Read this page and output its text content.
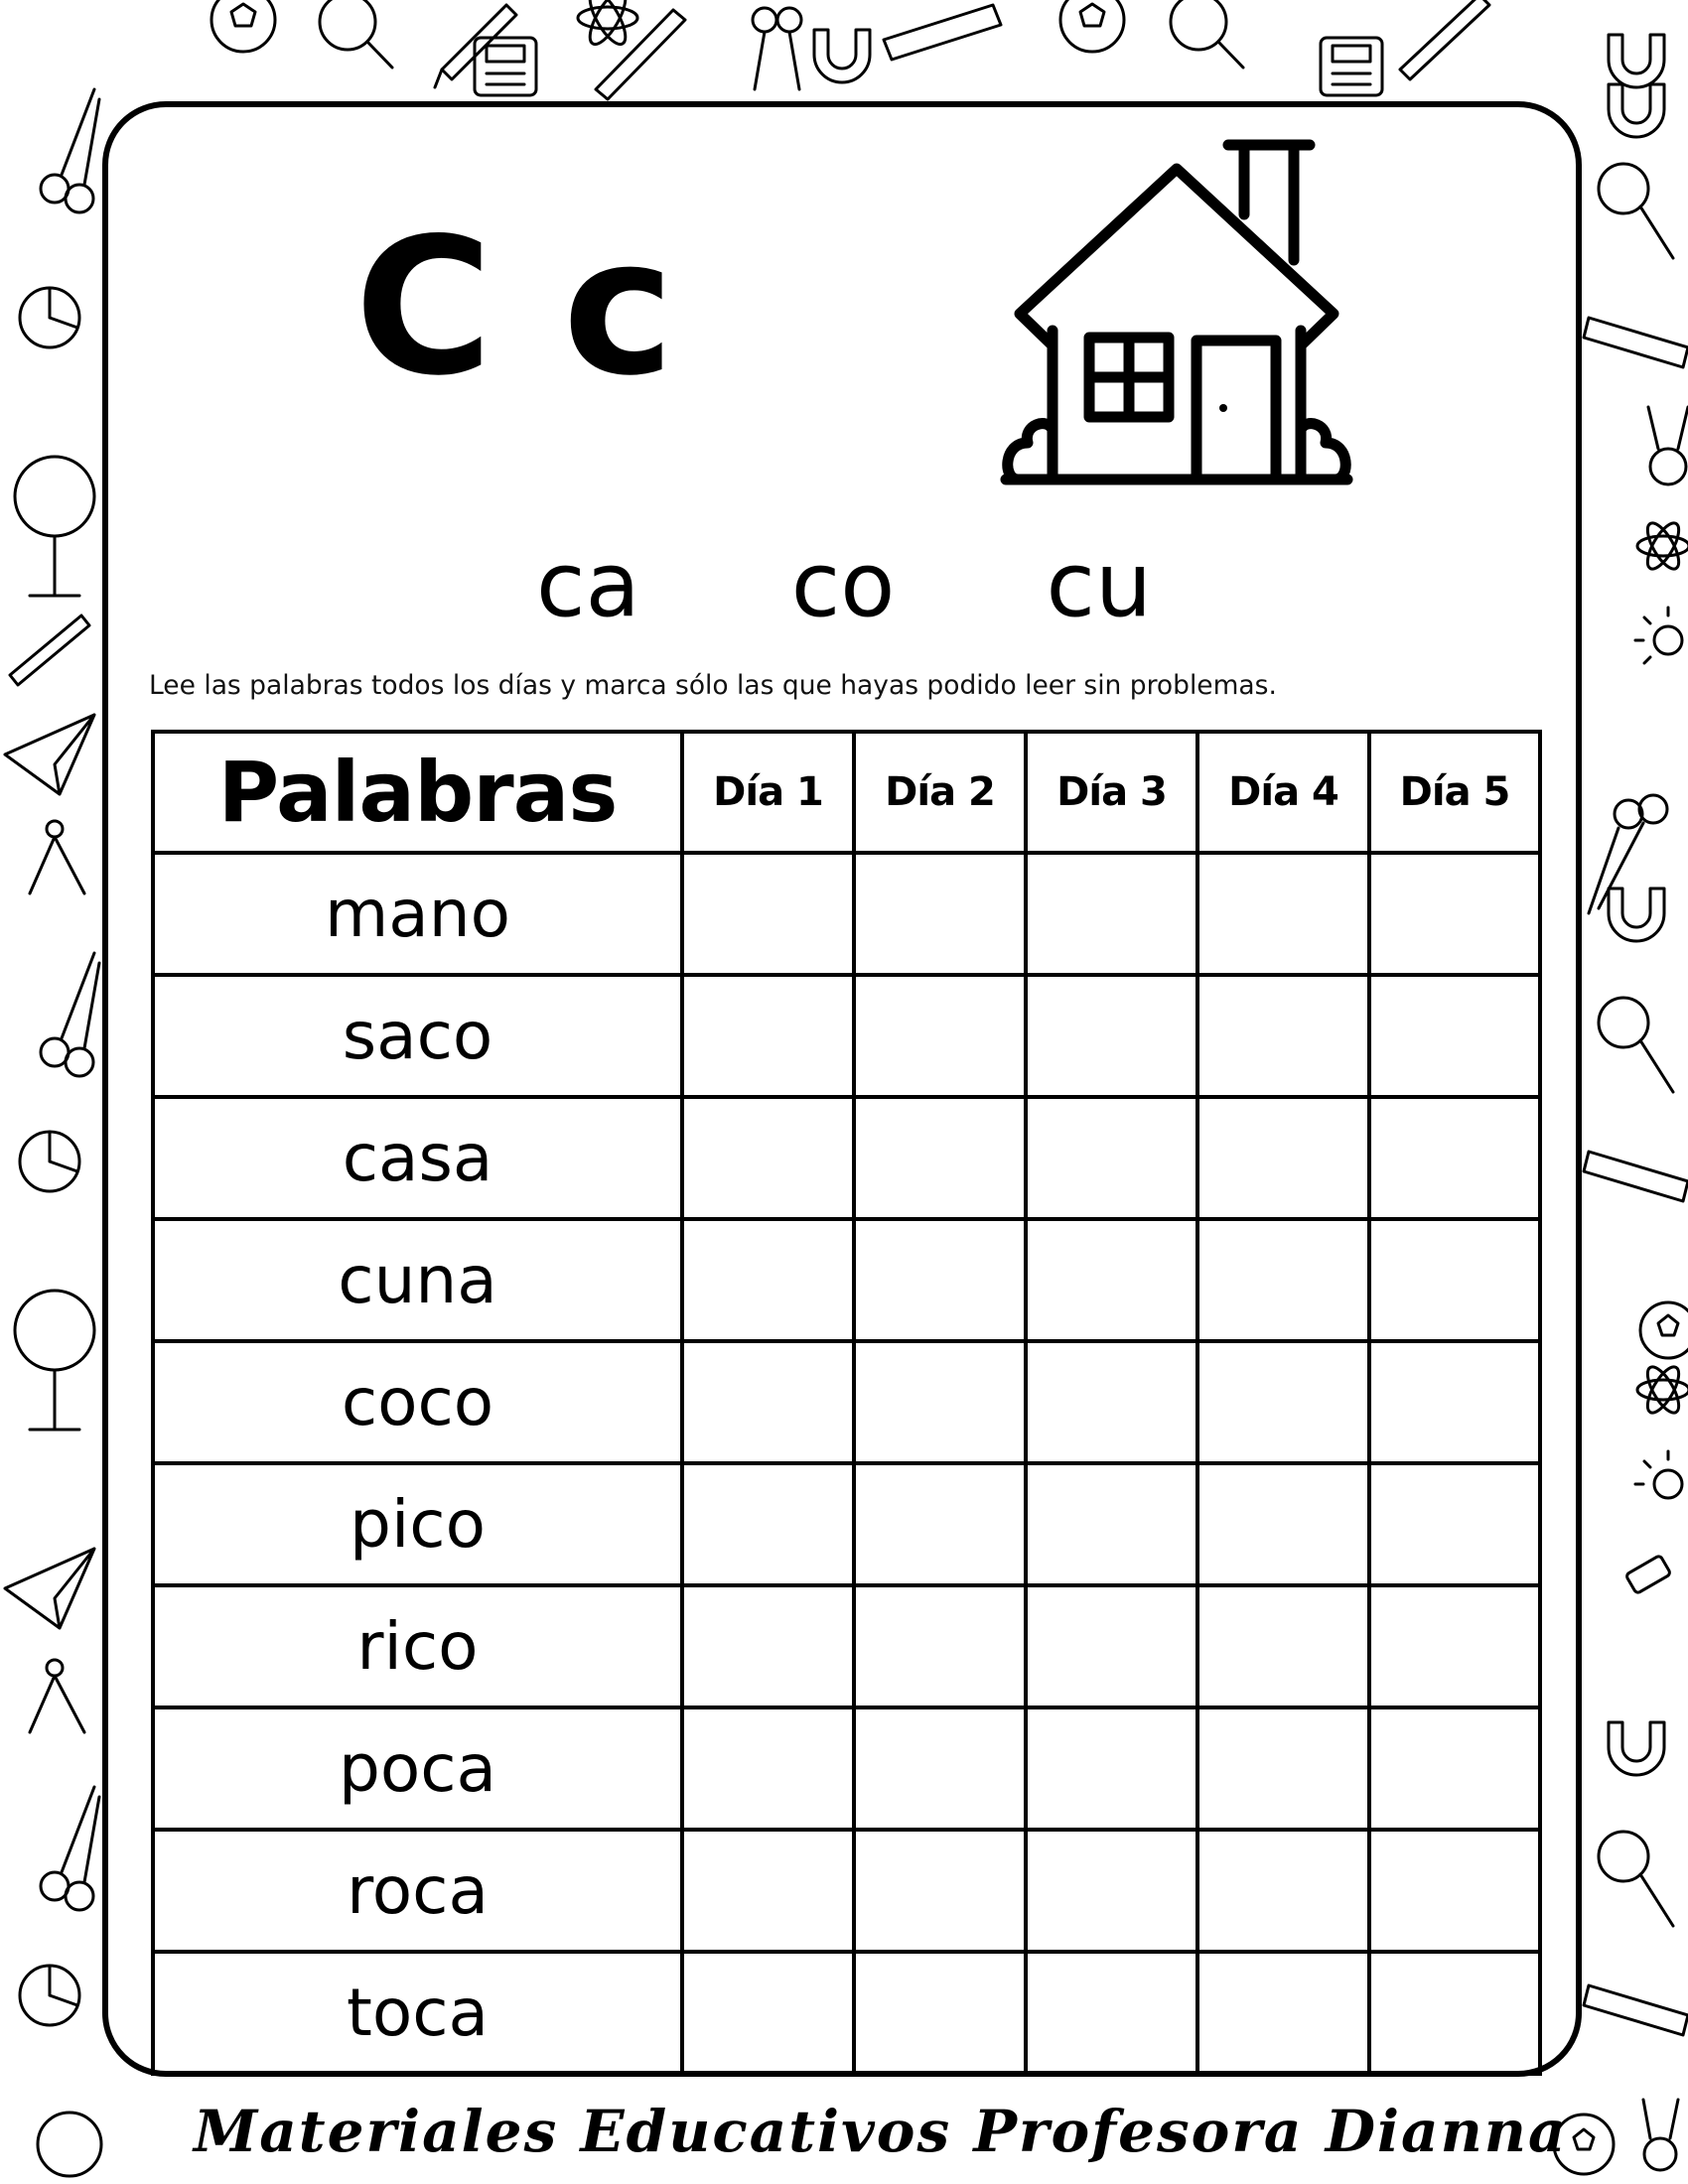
C c
ca co cu

Lee las palabras todos los días y marca sólo las que hayas podido leer sin problemas.

Palabras	Día 1	Día 2	Día 3	Día 4	Día 5
mano					
saco					
casa					
cuna					
coco					
pico					
rico					
poca					
roca					
toca					

Materiales Educativos Profesora Dianna
